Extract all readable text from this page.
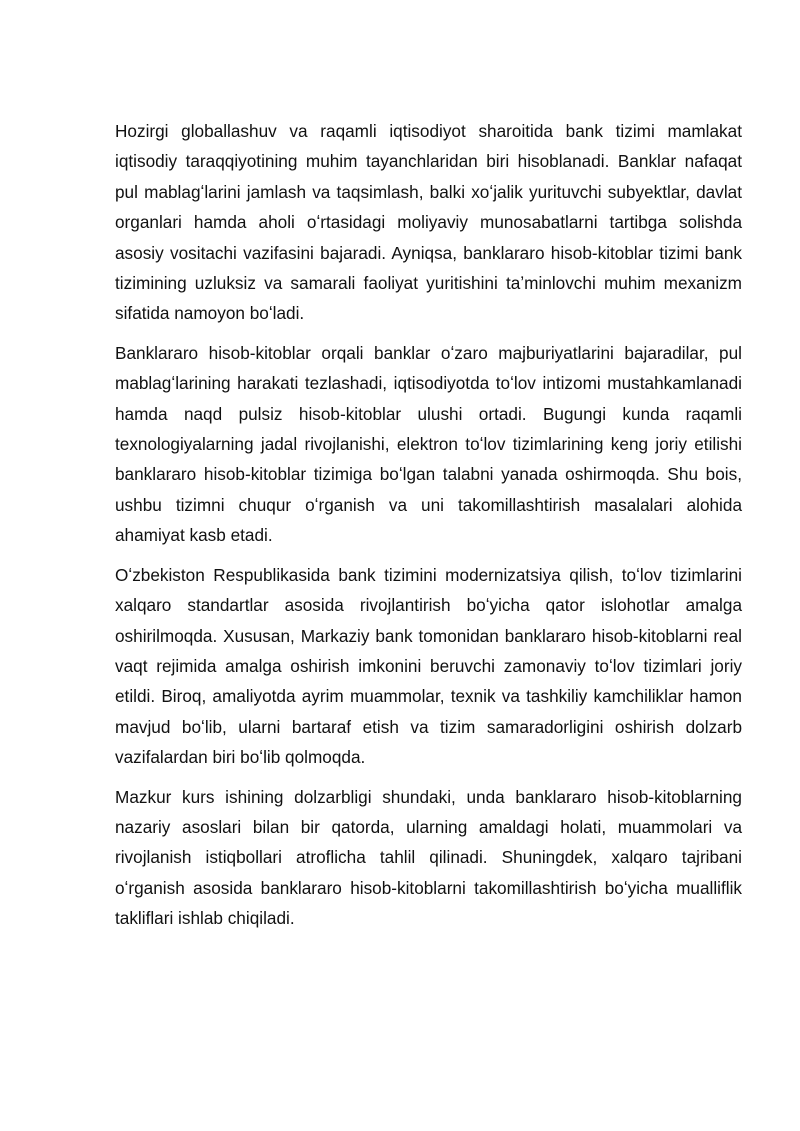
Hozirgi globallashuv va raqamli iqtisodiyot sharoitida bank tizimi mamlakat iqtisodiy taraqqiyotining muhim tayanchlaridan biri hisoblanadi. Banklar nafaqat pul mablagʻlarini jamlash va taqsimlash, balki xoʻjalik yurituvchi subyektlar, davlat organlari hamda aholi oʻrtasidagi moliyaviy munosabatlarni tartibga solishda asosiy vositachi vazifasini bajaradi. Ayniqsa, banklararo hisob-kitoblar tizimi bank tizimining uzluksiz va samarali faoliyat yuritishini taʼminlovchi muhim mexanizm sifatida namoyon boʻladi.

Banklararo hisob-kitoblar orqali banklar oʻzaro majburiyatlarini bajaradilar, pul mablagʻlarining harakati tezlashadi, iqtisodiyotda toʻlov intizomi mustahkamlanadi hamda naqd pulsiz hisob-kitoblar ulushi ortadi. Bugungi kunda raqamli texnologiyalarning jadal rivojlanishi, elektron toʻlov tizimlarining keng joriy etilishi banklararo hisob-kitoblar tizimiga boʻlgan talabni yanada oshirmoqda. Shu bois, ushbu tizimni chuqur oʻrganish va uni takomillashtirish masalalari alohida ahamiyat kasb etadi.

Oʻzbekiston Respublikasida bank tizimini modernizatsiya qilish, toʻlov tizimlarini xalqaro standartlar asosida rivojlantirish boʻyicha qator islohotlar amalga oshirilmoqda. Xususan, Markaziy bank tomonidan banklararo hisob-kitoblarni real vaqt rejimida amalga oshirish imkonini beruvchi zamonaviy toʻlov tizimlari joriy etildi. Biroq, amaliyotda ayrim muammolar, texnik va tashkiliy kamchiliklar hamon mavjud boʻlib, ularni bartaraf etish va tizim samaradorligini oshirish dolzarb vazifalardan biri boʻlib qolmoqda.

Mazkur kurs ishining dolzarbligi shundaki, unda banklararo hisob-kitoblarning nazariy asoslari bilan bir qatorda, ularning amaldagi holati, muammolari va rivojlanish istiqbollari atroflicha tahlil qilinadi. Shuningdek, xalqaro tajribani oʻrganish asosida banklararo hisob-kitoblarni takomillashtirish boʻyicha mualliflik takliflari ishlab chiqiladi.
